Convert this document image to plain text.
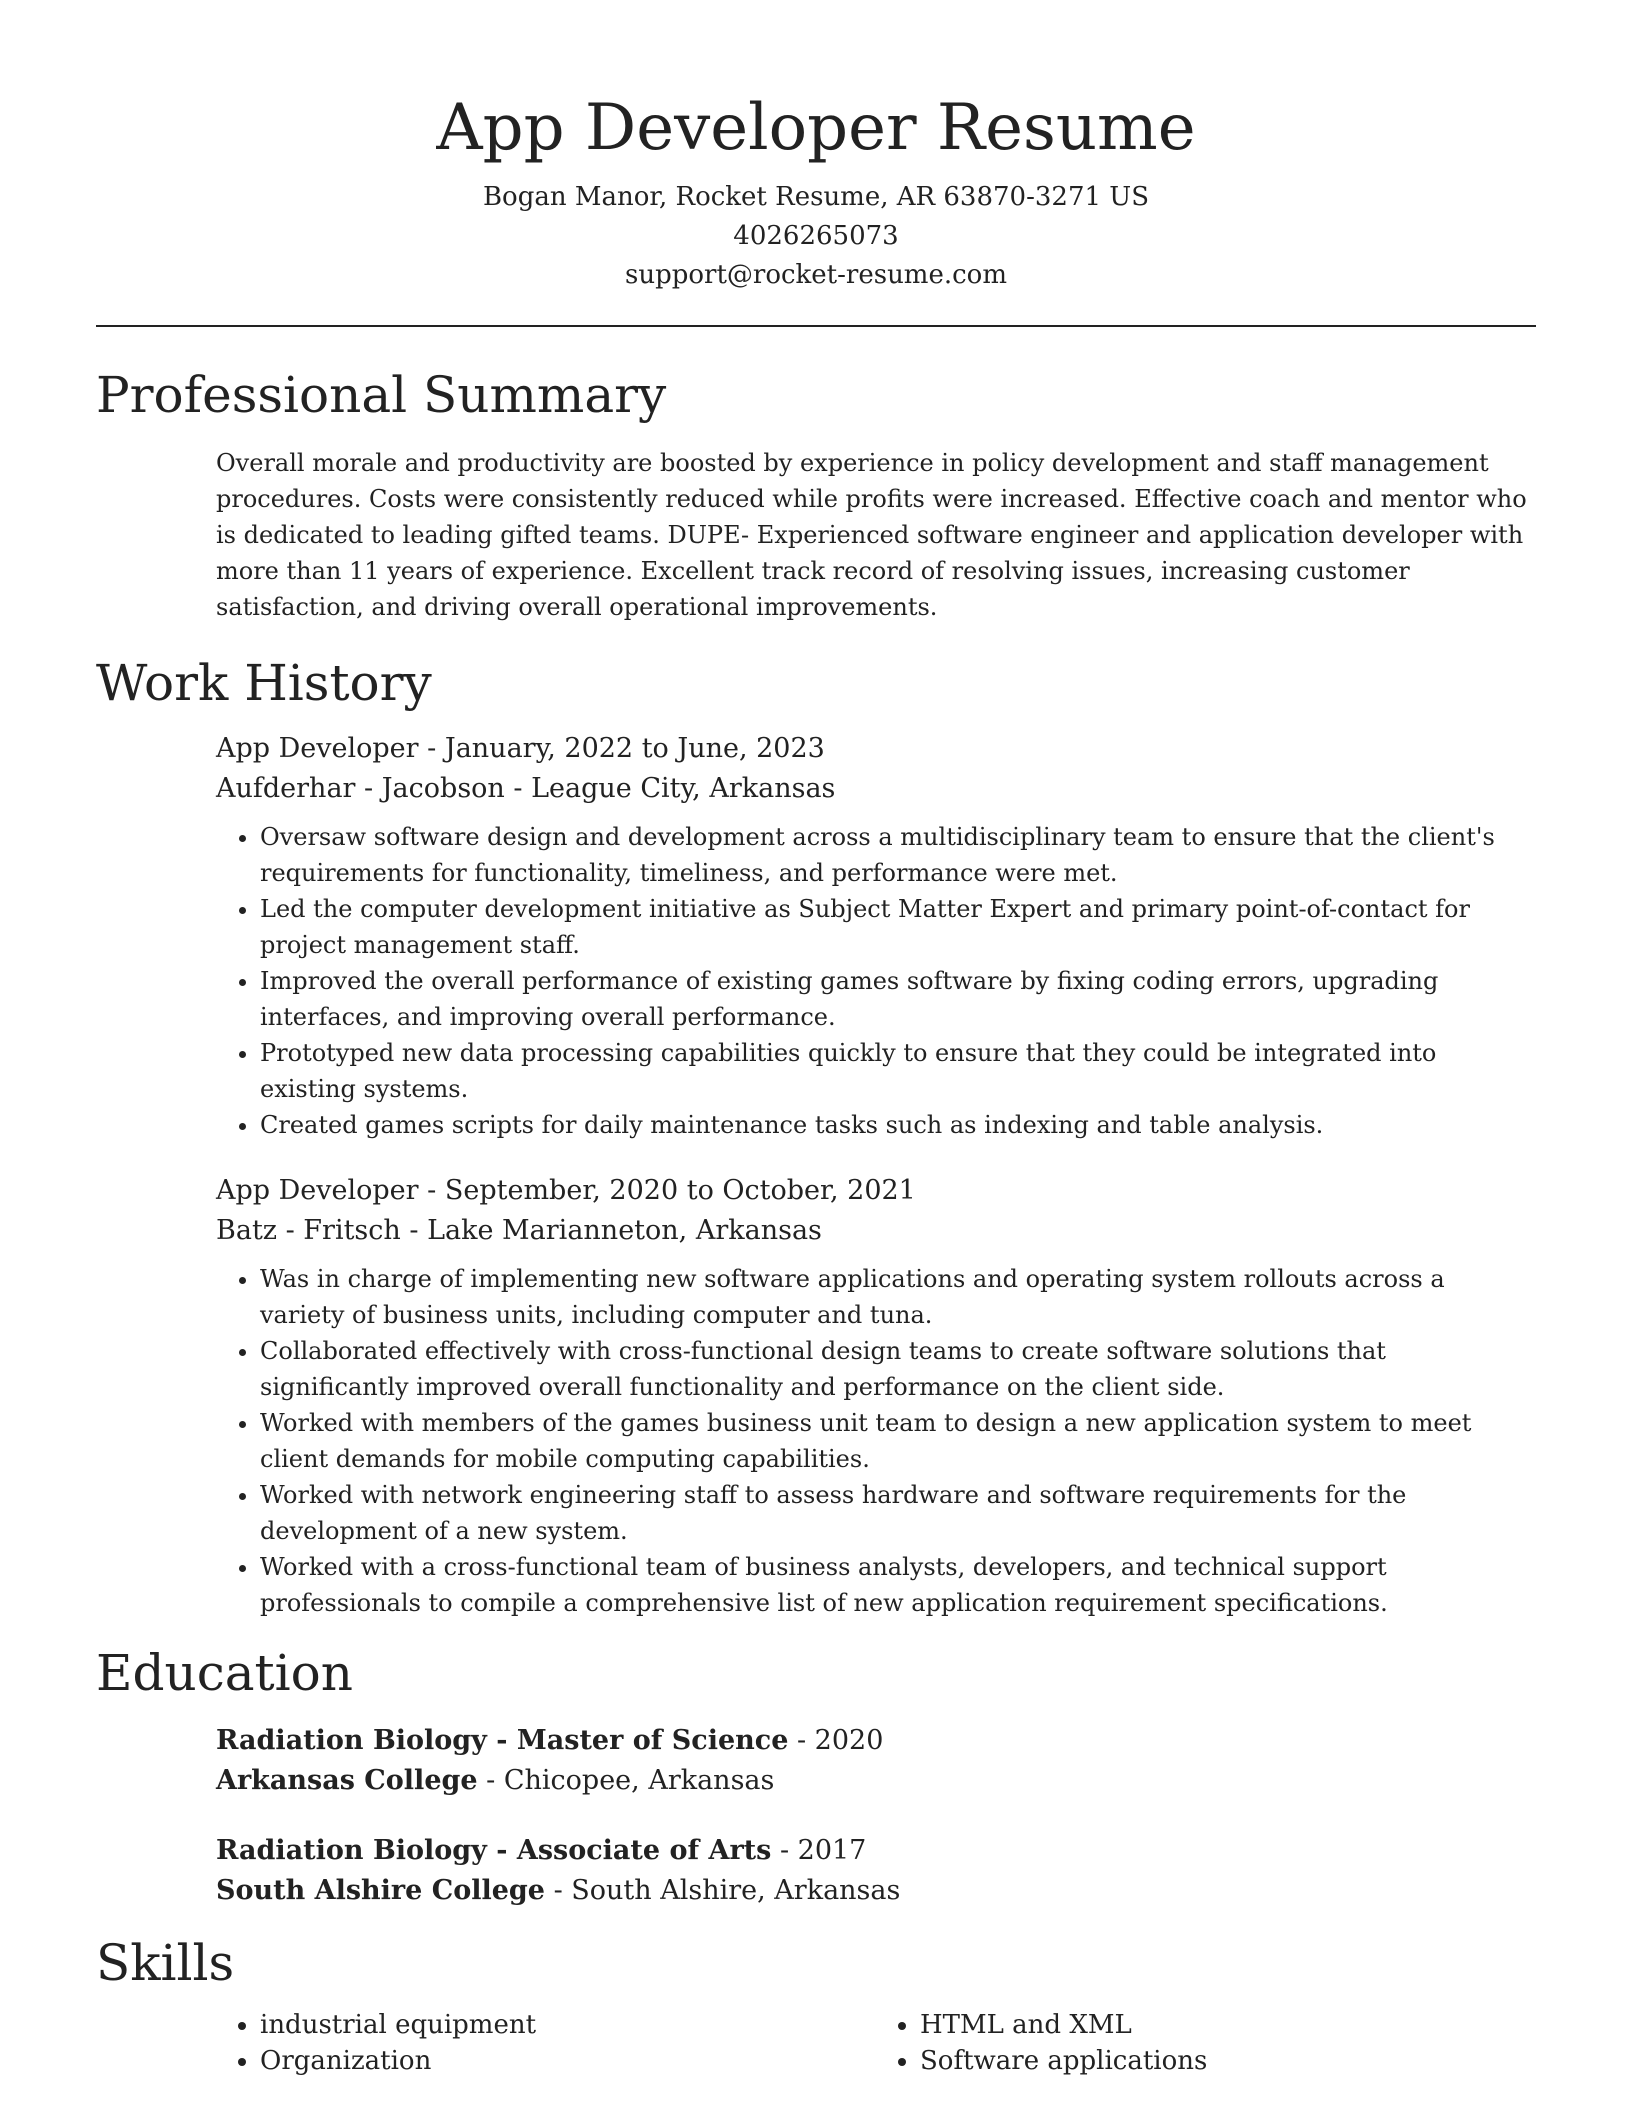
App Developer Resume
Bogan Manor, Rocket Resume, AR 63870-3271 US
4026265073
support@rocket-resume.com
Professional Summary

Overall morale and productivity are boosted by experience in policy development and staff management procedures. Costs were consistently reduced while profits were increased. Effective coach and mentor who is dedicated to leading gifted teams. DUPE- Experienced software engineer and application developer with more than 11 years of experience. Excellent track record of resolving issues, increasing customer satisfaction, and driving overall operational improvements.

Work History
App Developer - January, 2022 to June, 2023
Aufderhar - Jacobson - League City, Arkansas
• Oversaw software design and development across a multidisciplinary team to ensure that the client's requirements for functionality, timeliness, and performance were met.
• Led the computer development initiative as Subject Matter Expert and primary point-of-contact for project management staff.
• Improved the overall performance of existing games software by fixing coding errors, upgrading interfaces, and improving overall performance.
• Prototyped new data processing capabilities quickly to ensure that they could be integrated into existing systems.
• Created games scripts for daily maintenance tasks such as indexing and table analysis.
App Developer - September, 2020 to October, 2021
Batz - Fritsch - Lake Marianneton, Arkansas
• Was in charge of implementing new software applications and operating system rollouts across a variety of business units, including computer and tuna.
• Collaborated effectively with cross-functional design teams to create software solutions that significantly improved overall functionality and performance on the client side.
• Worked with members of the games business unit team to design a new application system to meet client demands for mobile computing capabilities.
• Worked with network engineering staff to assess hardware and software requirements for the development of a new system.
• Worked with a cross-functional team of business analysts, developers, and technical support professionals to compile a comprehensive list of new application requirement specifications.
Education
Radiation Biology - Master of Science - 2020
Arkansas College - Chicopee, Arkansas
Radiation Biology - Associate of Arts - 2017
South Alshire College - South Alshire, Arkansas
Skills
• industrial equipment
• Organization
• HTML and XML
• Software applications
